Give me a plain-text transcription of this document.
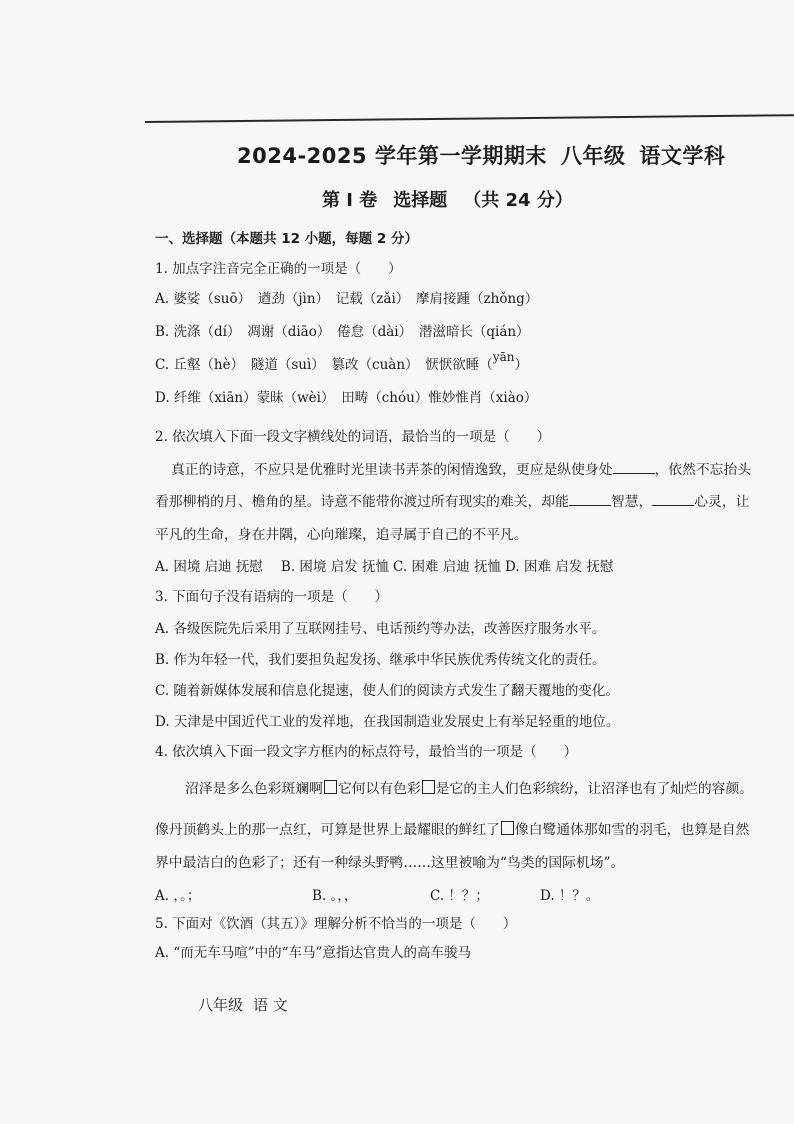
2024-2025 学年第一学期期末 八年级 语文学科
第 Ⅰ 卷 选择题 （共 24 分）
一、选择题（本题共 12 小题，每题 2 分）
1. 加点字注音完全正确的一项是（　　）
A. 婆娑（suō）　遒劲（jìn）　记载（zǎi）　摩肩接踵（zhǒng）
B. 洗涤（dí）　凋谢（diāo）　倦怠（dài）　潜滋暗长（qián）
C. 丘壑（hè）　隧道（suì）　篡改（cuàn）　恹恹欲睡（yān）
D. 纤维（xiān）蒙昧（wèi）　田畴（chóu）惟妙惟肖（xiào）
2. 依次填入下面一段文字横线处的词语，最恰当的一项是（　　）
真正的诗意，不应只是优雅时光里读书弄茶的闲情逸致，更应是纵使身处	，依然不忘抬头
看那柳梢的月、檐角的星。诗意不能带你渡过所有现实的难关，却能	智慧，	心灵，让
平凡的生命，身在井隅，心向璀璨，追寻属于自己的不平凡。
A. 困境 启迪 抚慰 B. 困境 启发 抚恤 C. 困难 启迪 抚恤 D. 困难 启发 抚慰
3. 下面句子没有语病的一项是（　　）
A. 各级医院先后采用了互联网挂号、电话预约等办法，改善医疗服务水平。
B. 作为年轻一代，我们要担负起发扬、继承中华民族优秀传统文化的责任。
C. 随着新媒体发展和信息化提速，使人们的阅读方式发生了翻天覆地的变化。
D. 天津是中国近代工业的发祥地，在我国制造业发展史上有举足轻重的地位。
4. 依次填入下面一段文字方框内的标点符号，最恰当的一项是（　　）
沼泽是多么色彩斑斓啊 它何以有色彩 是它的主人们色彩缤纷，让沼泽也有了灿烂的容颜。
像丹顶鹤头上的那一点红，可算是世界上最耀眼的鲜红了 像白鹭通体那如雪的羽毛，也算是自然
界中最洁白的色彩了；还有一种绿头野鸭……这里被喻为“鸟类的国际机场”。
A. ，。；	B. 。，，	C. ！？；	D. ！？。
5. 下面对《饮酒（其五）》理解分析不恰当的一项是（　　）
A. “而无车马喧”中的“车马”意指达官贵人的高车骏马
八年级 语 文
